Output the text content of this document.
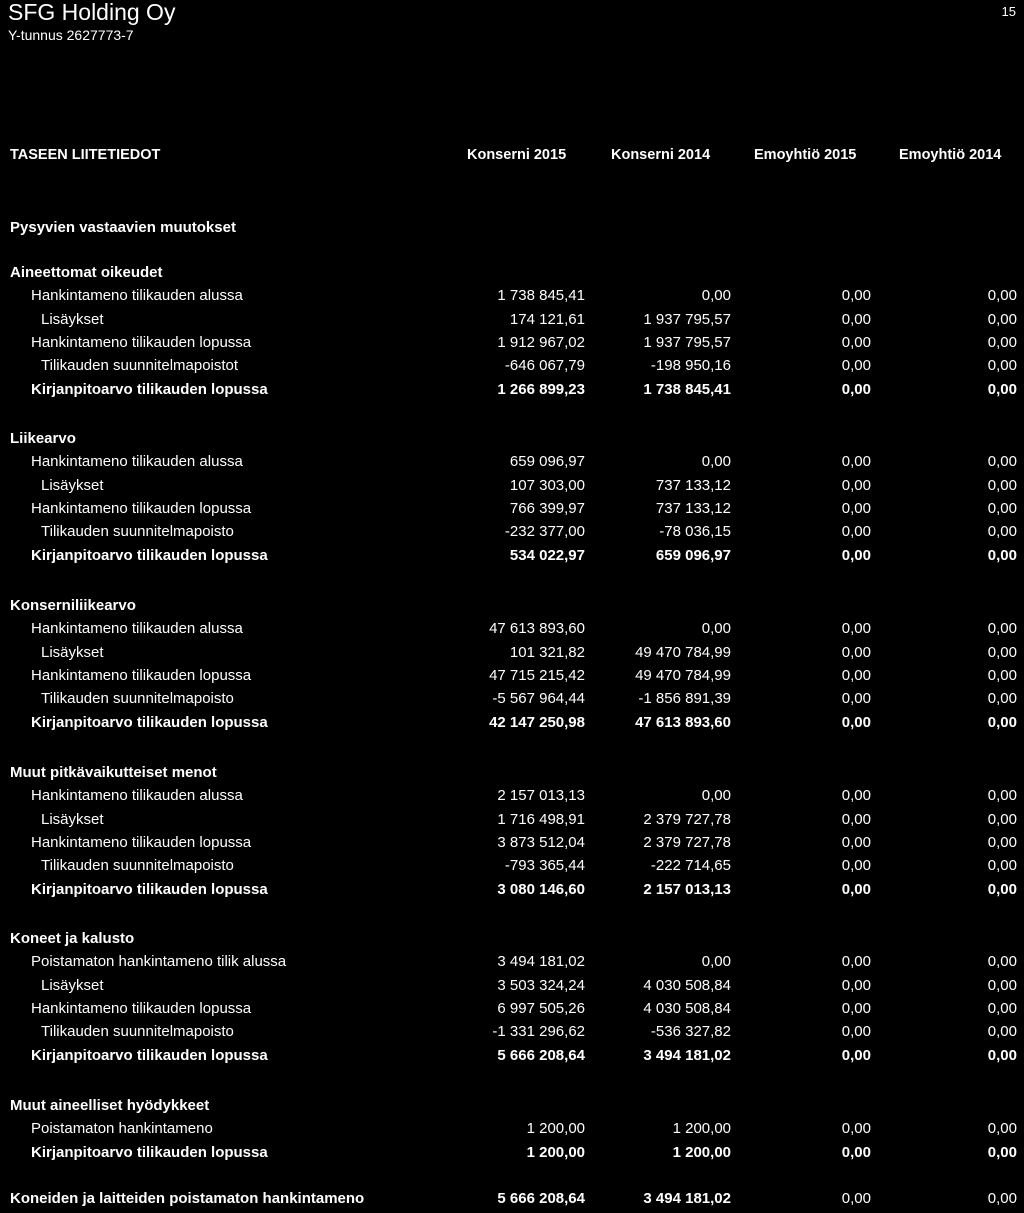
SFG Holding Oy
Y-tunnus 2627773-7
15
TASEEN LIITETIEDOT	Konserni 2015	Konserni 2014	Emoyhtiö 2015	Emoyhtiö 2014
Pysyvien vastaavien muutokset
Aineettomat oikeudet
Hankintameno tilikauden alussa	1 738 845,41	0,00	0,00	0,00
Lisäykset	174 121,61	1 937 795,57	0,00	0,00
Hankintameno tilikauden lopussa	1 912 967,02	1 937 795,57	0,00	0,00
Tilikauden suunnitelmapoistot	-646 067,79	-198 950,16	0,00	0,00
Kirjanpitoarvo tilikauden lopussa	1 266 899,23	1 738 845,41	0,00	0,00
Liikearvo
Hankintameno tilikauden alussa	659 096,97	0,00	0,00	0,00
Lisäykset	107 303,00	737 133,12	0,00	0,00
Hankintameno tilikauden lopussa	766 399,97	737 133,12	0,00	0,00
Tilikauden suunnitelmapoisto	-232 377,00	-78 036,15	0,00	0,00
Kirjanpitoarvo tilikauden lopussa	534 022,97	659 096,97	0,00	0,00
Konserniliikearvo
Hankintameno tilikauden alussa	47 613 893,60	0,00	0,00	0,00
Lisäykset	101 321,82	49 470 784,99	0,00	0,00
Hankintameno tilikauden lopussa	47 715 215,42	49 470 784,99	0,00	0,00
Tilikauden suunnitelmapoisto	-5 567 964,44	-1 856 891,39	0,00	0,00
Kirjanpitoarvo tilikauden lopussa	42 147 250,98	47 613 893,60	0,00	0,00
Muut pitkävaikutteiset menot
Hankintameno tilikauden alussa	2 157 013,13	0,00	0,00	0,00
Lisäykset	1 716 498,91	2 379 727,78	0,00	0,00
Hankintameno tilikauden lopussa	3 873 512,04	2 379 727,78	0,00	0,00
Tilikauden suunnitelmapoisto	-793 365,44	-222 714,65	0,00	0,00
Kirjanpitoarvo tilikauden lopussa	3 080 146,60	2 157 013,13	0,00	0,00
Koneet ja kalusto
Poistamaton hankintameno tilik alussa	3 494 181,02	0,00	0,00	0,00
Lisäykset	3 503 324,24	4 030 508,84	0,00	0,00
Hankintameno tilikauden lopussa	6 997 505,26	4 030 508,84	0,00	0,00
Tilikauden suunnitelmapoisto	-1 331 296,62	-536 327,82	0,00	0,00
Kirjanpitoarvo tilikauden lopussa	5 666 208,64	3 494 181,02	0,00	0,00
Muut aineelliset hyödykkeet
Poistamaton hankintameno	1 200,00	1 200,00	0,00	0,00
Kirjanpitoarvo tilikauden lopussa	1 200,00	1 200,00	0,00	0,00
Koneiden ja laitteiden poistamaton hankintameno	5 666 208,64	3 494 181,02	0,00	0,00
